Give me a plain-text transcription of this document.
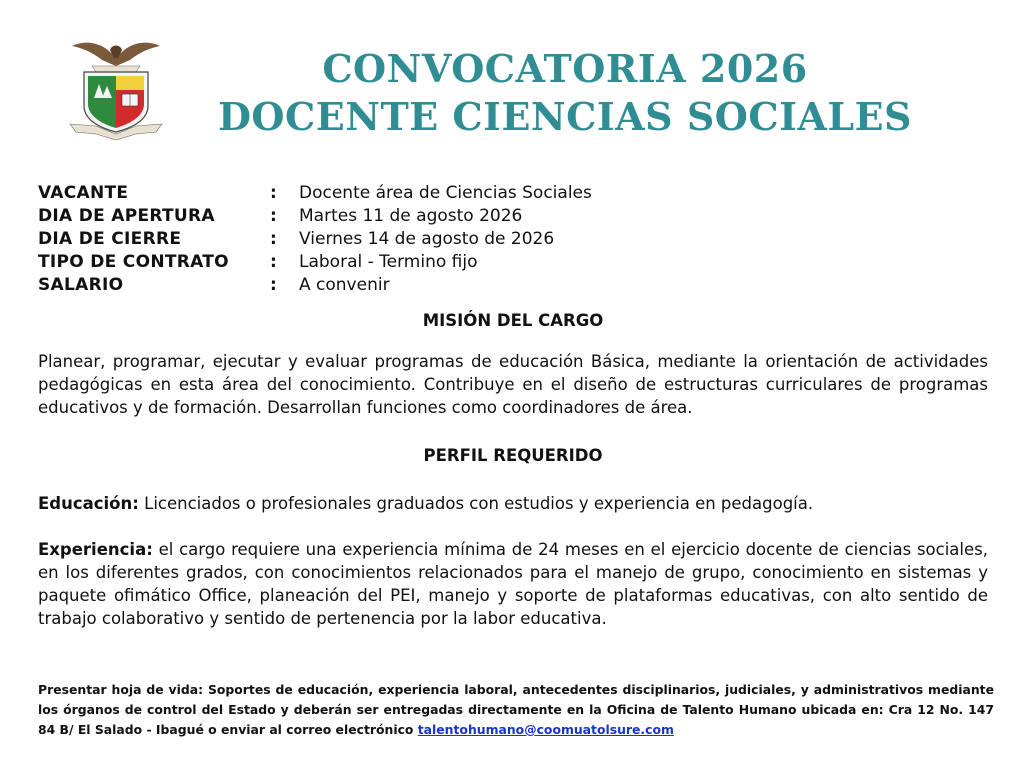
CONVOCATORIA 2026
DOCENTE CIENCIAS SOCIALES
VACANTE	:	Docente área de Ciencias Sociales
DIA DE APERTURA	:	Martes 11 de agosto 2026
DIA DE CIERRE	:	Viernes 14 de agosto de 2026
TIPO DE CONTRATO	:	Laboral - Termino fijo
SALARIO	:	A convenir
MISIÓN DEL CARGO
Planear, programar, ejecutar y evaluar programas de educación Básica, mediante la orientación de actividades pedagógicas en esta área del conocimiento. Contribuye en el diseño de estructuras curriculares de programas educativos y de formación. Desarrollan funciones como coordinadores de área.
PERFIL REQUERIDO
Educación: Licenciados o profesionales graduados con estudios y experiencia en pedagogía.
Experiencia: el cargo requiere una experiencia mínima de 24 meses en el ejercicio docente de ciencias sociales, en los diferentes grados, con conocimientos relacionados para el manejo de grupo, conocimiento en sistemas y paquete ofimático Office, planeación del PEI, manejo y soporte de plataformas educativas, con alto sentido de trabajo colaborativo y sentido de pertenencia por la labor educativa.
Presentar hoja de vida: Soportes de educación, experiencia laboral, antecedentes disciplinarios, judiciales, y administrativos mediante los órganos de control del Estado y deberán ser entregadas directamente en la Oficina de Talento Humano ubicada en: Cra 12 No. 147 84 B/ El Salado - Ibagué o enviar al correo electrónico talentohumano@coomuatolsure.com
